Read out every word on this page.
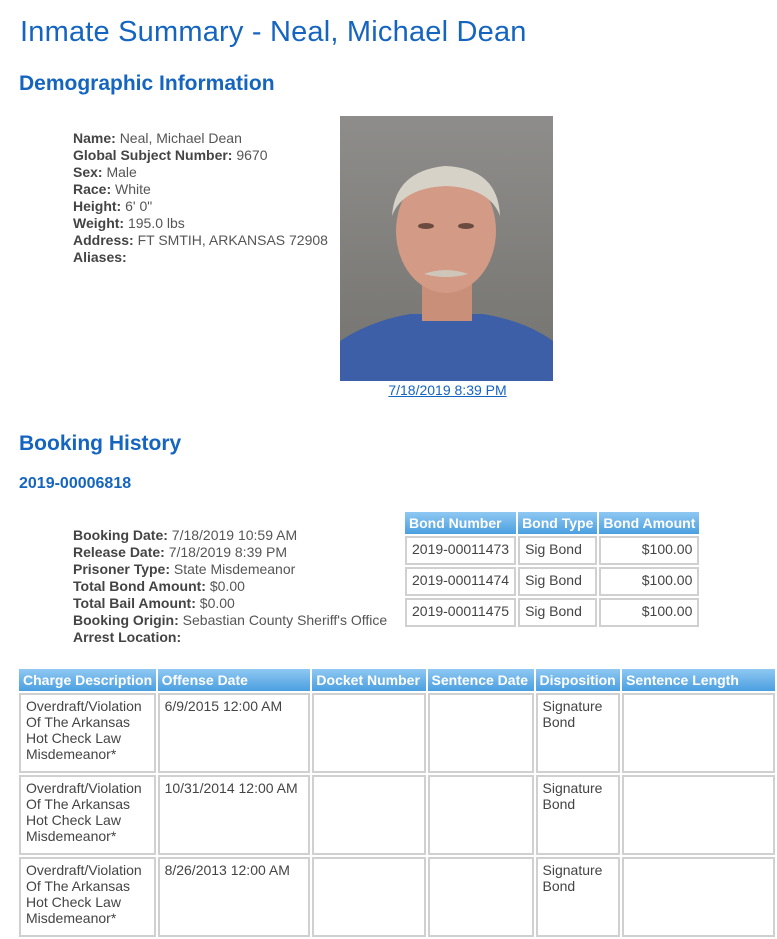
Inmate Summary - Neal, Michael Dean
Demographic Information
Name: Neal, Michael Dean
Global Subject Number: 9670
Sex: Male
Race: White
Height: 6' 0"
Weight: 195.0 lbs
Address: FT SMTIH, ARKANSAS 72908
Aliases:
7/18/2019 8:39 PM
Booking History
2019-00006818
Booking Date: 7/18/2019 10:59 AM
Release Date: 7/18/2019 8:39 PM
Prisoner Type: State Misdemeanor
Total Bond Amount: $0.00
Total Bail Amount: $0.00
Booking Origin: Sebastian County Sheriff's Office
Arrest Location:
Bond Number	Bond Type	Bond Amount
2019-00011473	Sig Bond	$100.00
2019-00011474	Sig Bond	$100.00
2019-00011475	Sig Bond	$100.00
Charge Description	Offense Date	Docket Number	Sentence Date	Disposition	Sentence Length
Overdraft/Violation Of The Arkansas Hot Check Law Misdemeanor*	6/9/2015 12:00 AM			Signature Bond	
Overdraft/Violation Of The Arkansas Hot Check Law Misdemeanor*	10/31/2014 12:00 AM			Signature Bond	
Overdraft/Violation Of The Arkansas Hot Check Law Misdemeanor*	8/26/2013 12:00 AM			Signature Bond	
